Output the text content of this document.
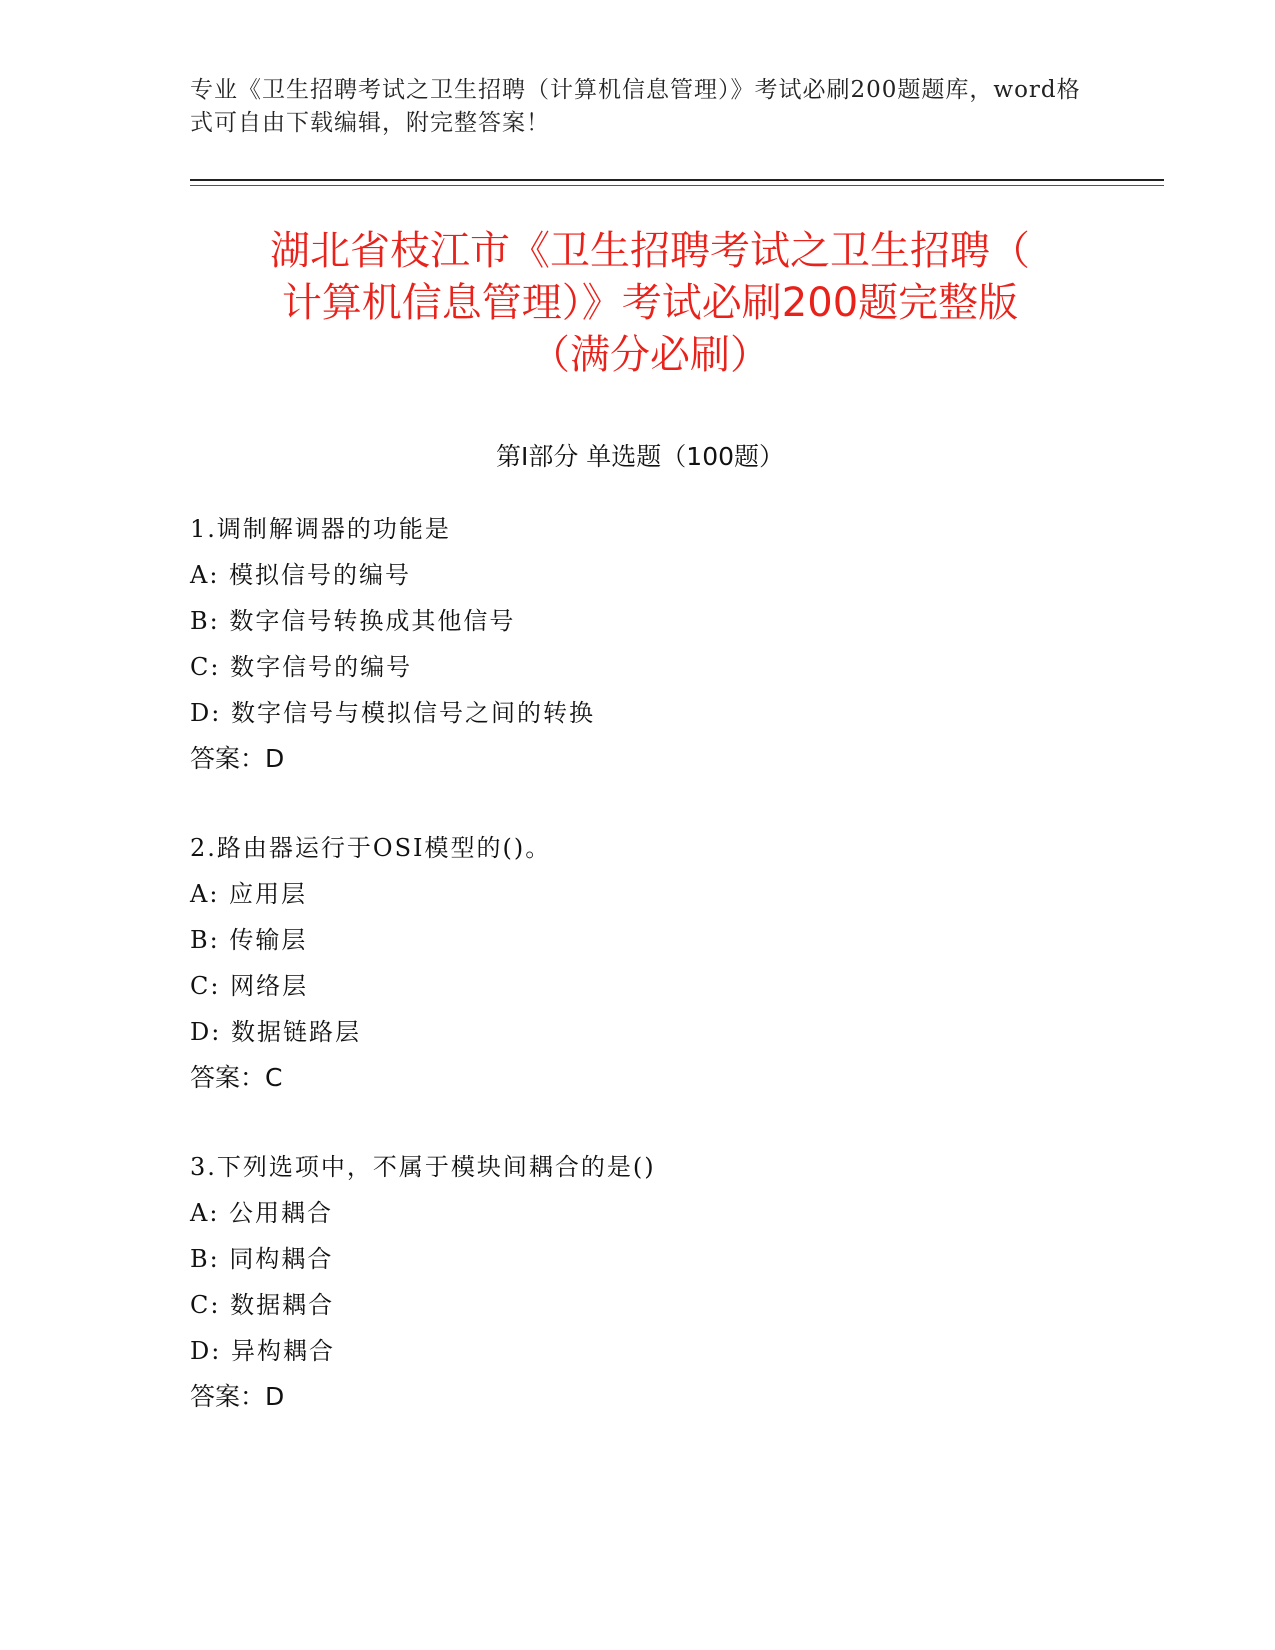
专业《卫生招聘考试之卫生招聘（计算机信息管理）》考试必刷200题题库，word格式可自由下载编辑，附完整答案！
湖北省枝江市《卫生招聘考试之卫生招聘（
计算机信息管理）》考试必刷200题完整版
（满分必刷）
第I部分 单选题（100题）
1.调制解调器的功能是
A: 模拟信号的编号
B: 数字信号转换成其他信号
C: 数字信号的编号
D: 数字信号与模拟信号之间的转换
答案：D
2.路由器运行于OSI模型的()。
A: 应用层
B: 传输层
C: 网络层
D: 数据链路层
答案：C
3.下列选项中，不属于模块间耦合的是()
A: 公用耦合
B: 同构耦合
C: 数据耦合
D: 异构耦合
答案：D
